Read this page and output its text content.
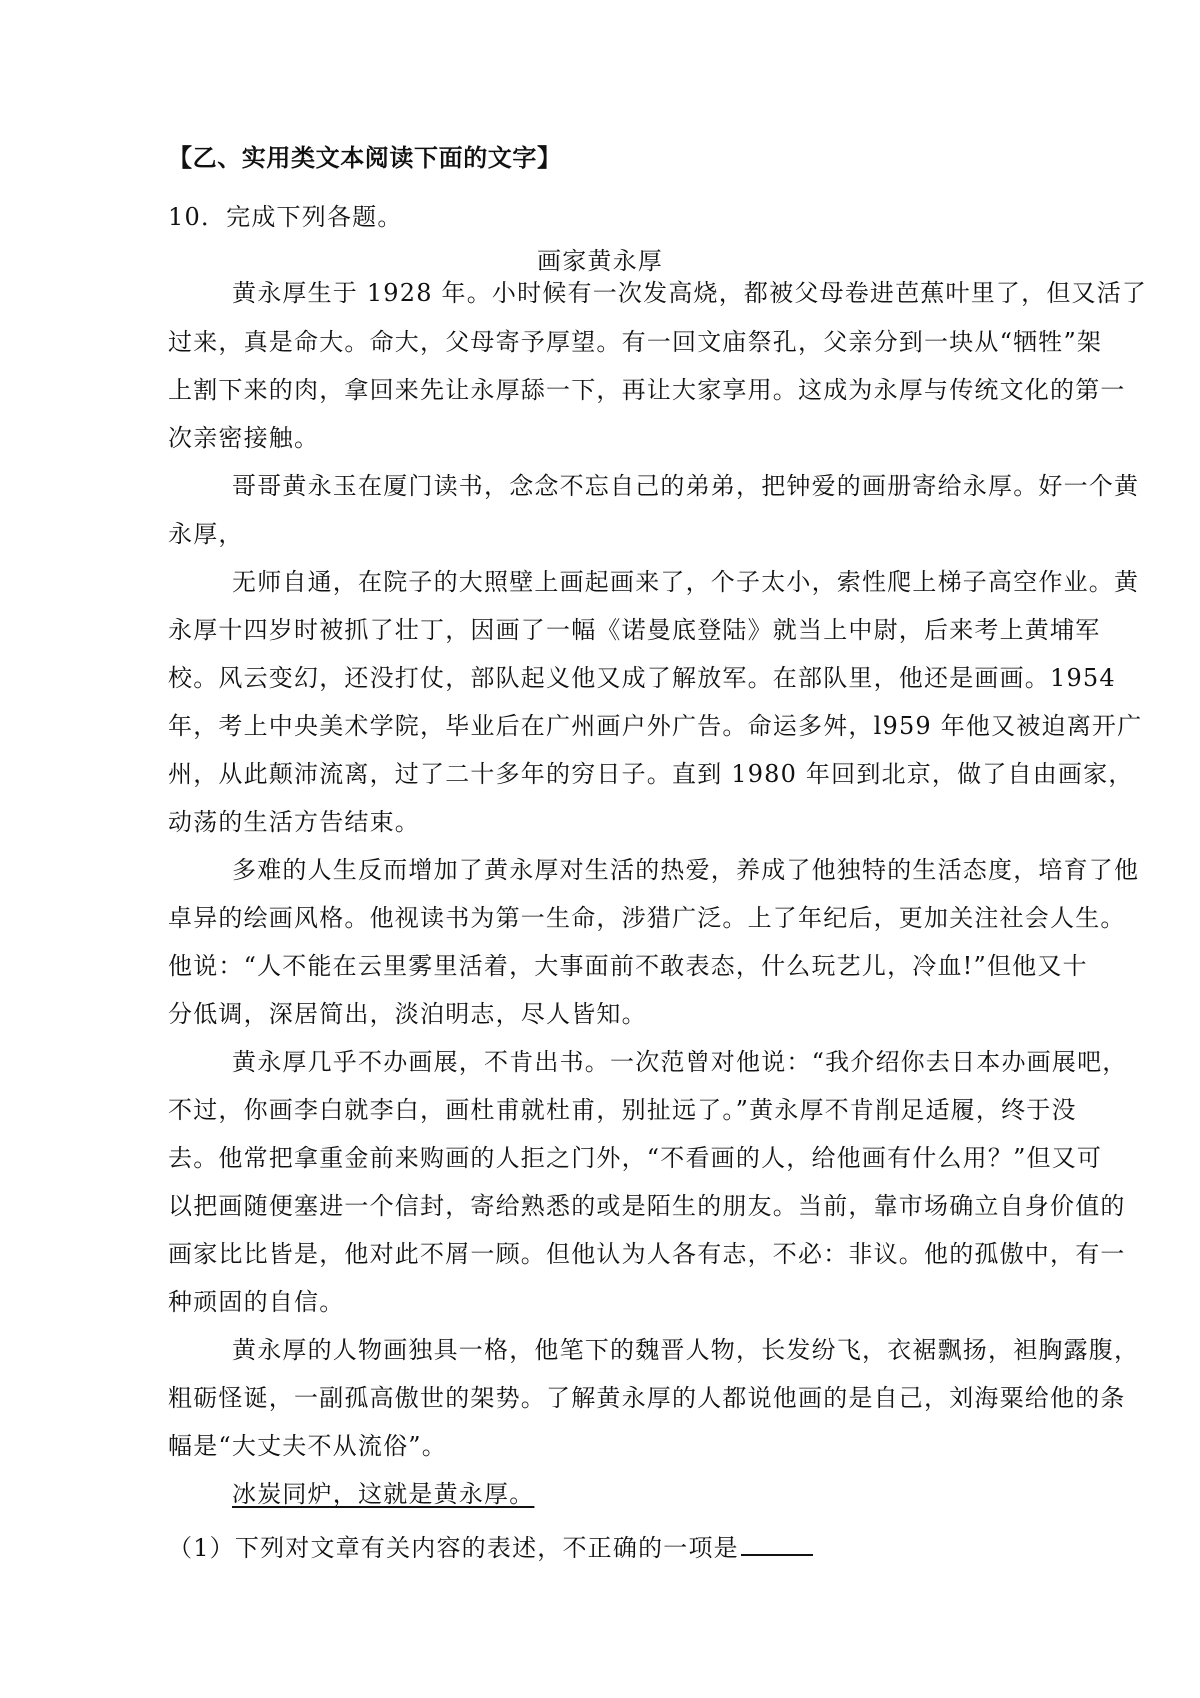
【乙、实用类文本阅读下面的文字】
10．完成下列各题。
画家黄永厚
黄永厚生于 1928 年。小时候有一次发高烧，都被父母卷进芭蕉叶里了，但又活了
过来，真是命大。命大，父母寄予厚望。有一回文庙祭孔，父亲分到一块从“牺牲”架
上割下来的肉，拿回来先让永厚舔一下，再让大家享用。这成为永厚与传统文化的第一
次亲密接触。
哥哥黄永玉在厦门读书，念念不忘自己的弟弟，把钟爱的画册寄给永厚。好一个黄
永厚，
无师自通，在院子的大照壁上画起画来了，个子太小，索性爬上梯子高空作业。黄
永厚十四岁时被抓了壮丁，因画了一幅《诺曼底登陆》就当上中尉，后来考上黄埔军
校。风云变幻，还没打仗，部队起义他又成了解放军。在部队里，他还是画画。1954
年，考上中央美术学院，毕业后在广州画户外广告。命运多舛，l959 年他又被迫离开广
州，从此颠沛流离，过了二十多年的穷日子。直到 1980 年回到北京，做了自由画家，
动荡的生活方告结束。
多难的人生反而增加了黄永厚对生活的热爱，养成了他独特的生活态度，培育了他
卓异的绘画风格。他视读书为第一生命，涉猎广泛。上了年纪后，更加关注社会人生。
他说：“人不能在云里雾里活着，大事面前不敢表态，什么玩艺儿，冷血!”但他又十
分低调，深居简出，淡泊明志，尽人皆知。
黄永厚几乎不办画展，不肯出书。一次范曾对他说：“我介绍你去日本办画展吧，
不过，你画李白就李白，画杜甫就杜甫，别扯远了。”黄永厚不肯削足适履，终于没
去。他常把拿重金前来购画的人拒之门外，“不看画的人，给他画有什么用？”但又可
以把画随便塞进一个信封，寄给熟悉的或是陌生的朋友。当前，靠市场确立自身价值的
画家比比皆是，他对此不屑一顾。但他认为人各有志，不必：非议。他的孤傲中，有一
种顽固的自信。
黄永厚的人物画独具一格，他笔下的魏晋人物，长发纷飞，衣裾飘扬，袒胸露腹，
粗砺怪诞，一副孤高傲世的架势。了解黄永厚的人都说他画的是自己，刘海粟给他的条
幅是“大丈夫不从流俗”。
冰炭同炉，这就是黄永厚。
（1）下列对文章有关内容的表述，不正确的一项是
